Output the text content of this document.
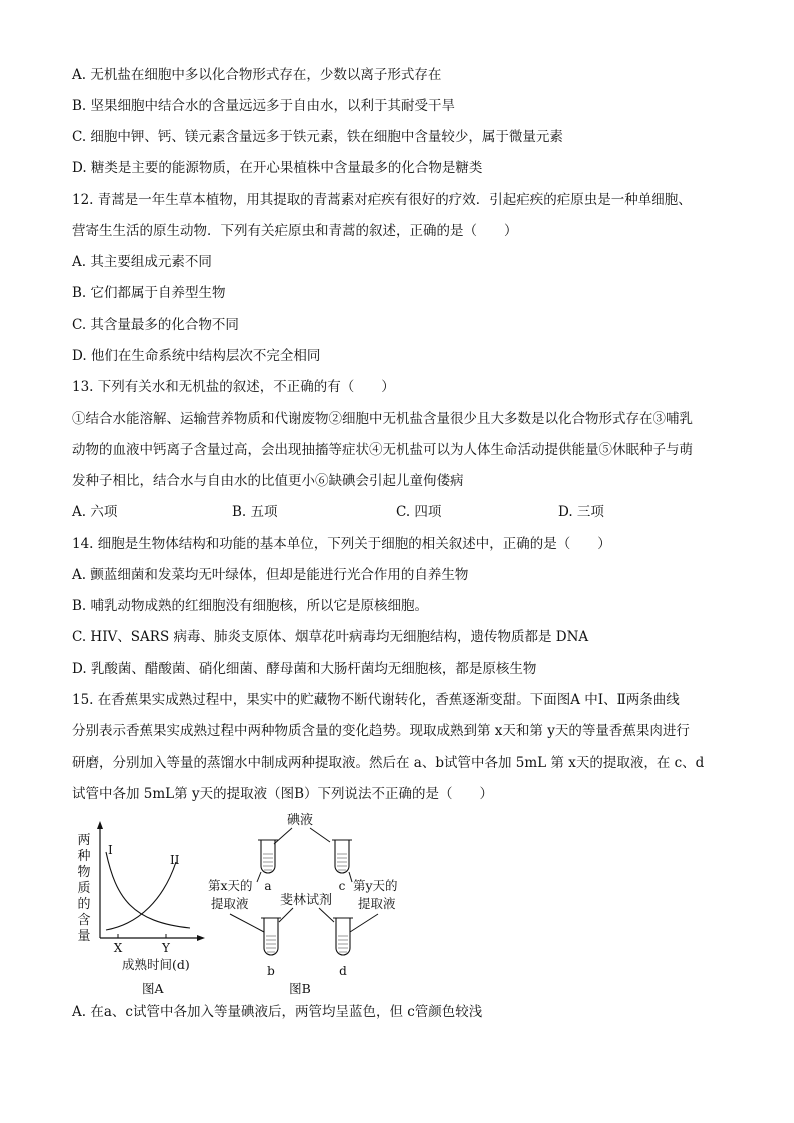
A. 无机盐在细胞中多以化合物形式存在，少数以离子形式存在
B. 坚果细胞中结合水的含量远远多于自由水，以利于其耐受干旱
C. 细胞中钾、钙、镁元素含量远多于铁元素，铁在细胞中含量较少，属于微量元素
D. 糖类是主要的能源物质，在开心果植株中含量最多的化合物是糖类
12. 青蒿是一年生草本植物，用其提取的青蒿素对疟疾有很好的疗效．引起疟疾的疟原虫是一种单细胞、
营寄生生活的原生动物．下列有关疟原虫和青蒿的叙述，正确的是（　　）
A. 其主要组成元素不同
B. 它们都属于自养型生物
C. 其含量最多的化合物不同
D. 他们在生命系统中结构层次不完全相同
13. 下列有关水和无机盐的叙述，不正确的有（　　）
①结合水能溶解、运输营养物质和代谢废物②细胞中无机盐含量很少且大多数是以化合物形式存在③哺乳
动物的血液中钙离子含量过高，会出现抽搐等症状④无机盐可以为人体生命活动提供能量⑤休眠种子与萌
发种子相比，结合水与自由水的比值更小⑥缺碘会引起儿童佝偻病
A. 六项	B. 五项	C. 四项	D. 三项
14. 细胞是生物体结构和功能的基本单位，下列关于细胞的相关叙述中，正确的是（　　）
A. 颤蓝细菌和发菜均无叶绿体，但却是能进行光合作用的自养生物
B. 哺乳动物成熟的红细胞没有细胞核，所以它是原核细胞。
C. HIV、SARS 病毒、肺炎支原体、烟草花叶病毒均无细胞结构，遗传物质都是 DNA
D. 乳酸菌、醋酸菌、硝化细菌、酵母菌和大肠杆菌均无细胞核，都是原核生物
15. 在香蕉果实成熟过程中，果实中的贮藏物不断代谢转化，香蕉逐渐变甜。下面图A 中Ⅰ、Ⅱ两条曲线
分别表示香蕉果实成熟过程中两种物质含量的变化趋势。现取成熟到第 x天和第 y天的等量香蕉果肉进行
研磨，分别加入等量的蒸馏水中制成两种提取液。然后在 a、b试管中各加 5mL 第 x天的提取液，在 c、d
试管中各加 5mL第 y天的提取液（图B）下列说法不正确的是（　　）
两
种
物
质
的
含
量
I
II
X	Y
成熟时间(d)
图A
碘液
a	c
b	d
第x天的
提取液
第y天的
提取液
斐林试剂
图B
A. 在a、c试管中各加入等量碘液后，两管均呈蓝色，但 c管颜色较浅
